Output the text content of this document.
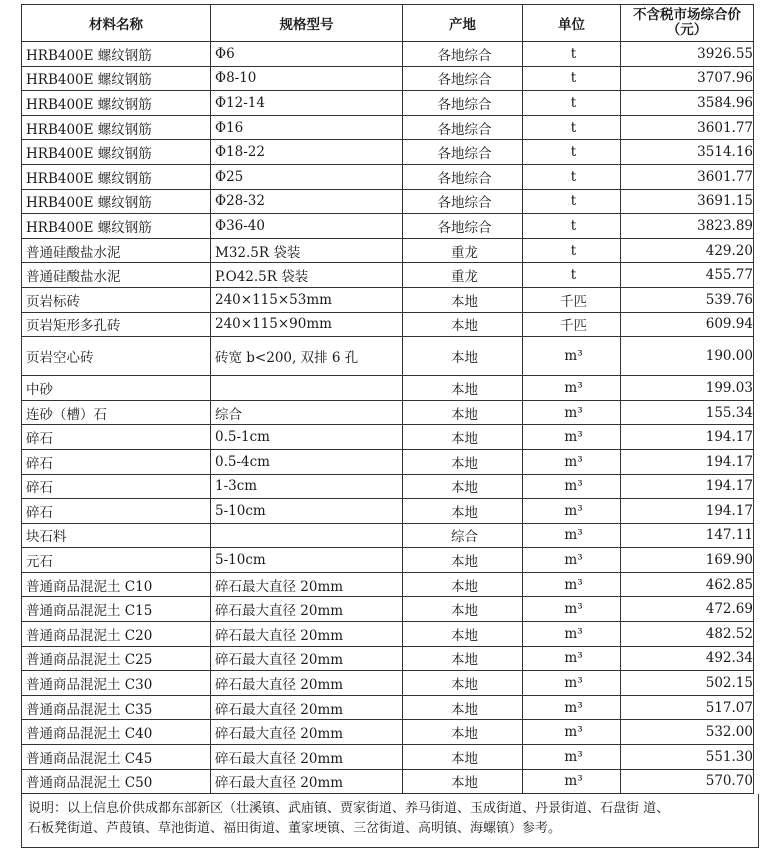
材料名称	规格型号	产地	单位	不含税市场综合价
（元）
HRB400E 螺纹钢筋	Φ6	各地综合	t	3926.55
HRB400E 螺纹钢筋	Φ8-10	各地综合	t	3707.96
HRB400E 螺纹钢筋	Φ12-14	各地综合	t	3584.96
HRB400E 螺纹钢筋	Φ16	各地综合	t	3601.77
HRB400E 螺纹钢筋	Φ18-22	各地综合	t	3514.16
HRB400E 螺纹钢筋	Φ25	各地综合	t	3601.77
HRB400E 螺纹钢筋	Φ28-32	各地综合	t	3691.15
HRB400E 螺纹钢筋	Φ36-40	各地综合	t	3823.89
普通硅酸盐水泥	M32.5R 袋装	重龙	t	429.20
普通硅酸盐水泥	P.O42.5R 袋装	重龙	t	455.77
页岩标砖	240×115×53mm	本地	千匹	539.76
页岩矩形多孔砖	240×115×90mm	本地	千匹	609.94
页岩空心砖	砖宽 b<200, 双排 6 孔	本地	m³	190.00
中砂		本地	m³	199.03
连砂（槽）石	综合	本地	m³	155.34
碎石	0.5-1cm	本地	m³	194.17
碎石	0.5-4cm	本地	m³	194.17
碎石	1-3cm	本地	m³	194.17
碎石	5-10cm	本地	m³	194.17
块石料		综合	m³	147.11
元石	5-10cm	本地	m³	169.90
普通商品混泥土 C10	碎石最大直径 20mm	本地	m³	462.85
普通商品混泥土 C15	碎石最大直径 20mm	本地	m³	472.69
普通商品混泥土 C20	碎石最大直径 20mm	本地	m³	482.52
普通商品混泥土 C25	碎石最大直径 20mm	本地	m³	492.34
普通商品混泥土 C30	碎石最大直径 20mm	本地	m³	502.15
普通商品混泥土 C35	碎石最大直径 20mm	本地	m³	517.07
普通商品混泥土 C40	碎石最大直径 20mm	本地	m³	532.00
普通商品混泥土 C45	碎石最大直径 20mm	本地	m³	551.30
普通商品混泥土 C50	碎石最大直径 20mm	本地	m³	570.70
说明：以上信息价供成都东部新区（壮溪镇、武庙镇、贾家街道、养马街道、玉成街道、丹景街道、石盘街 道、
石板凳街道、芦葭镇、草池街道、福田街道、董家埂镇、三岔街道、高明镇、海螺镇）参考。
